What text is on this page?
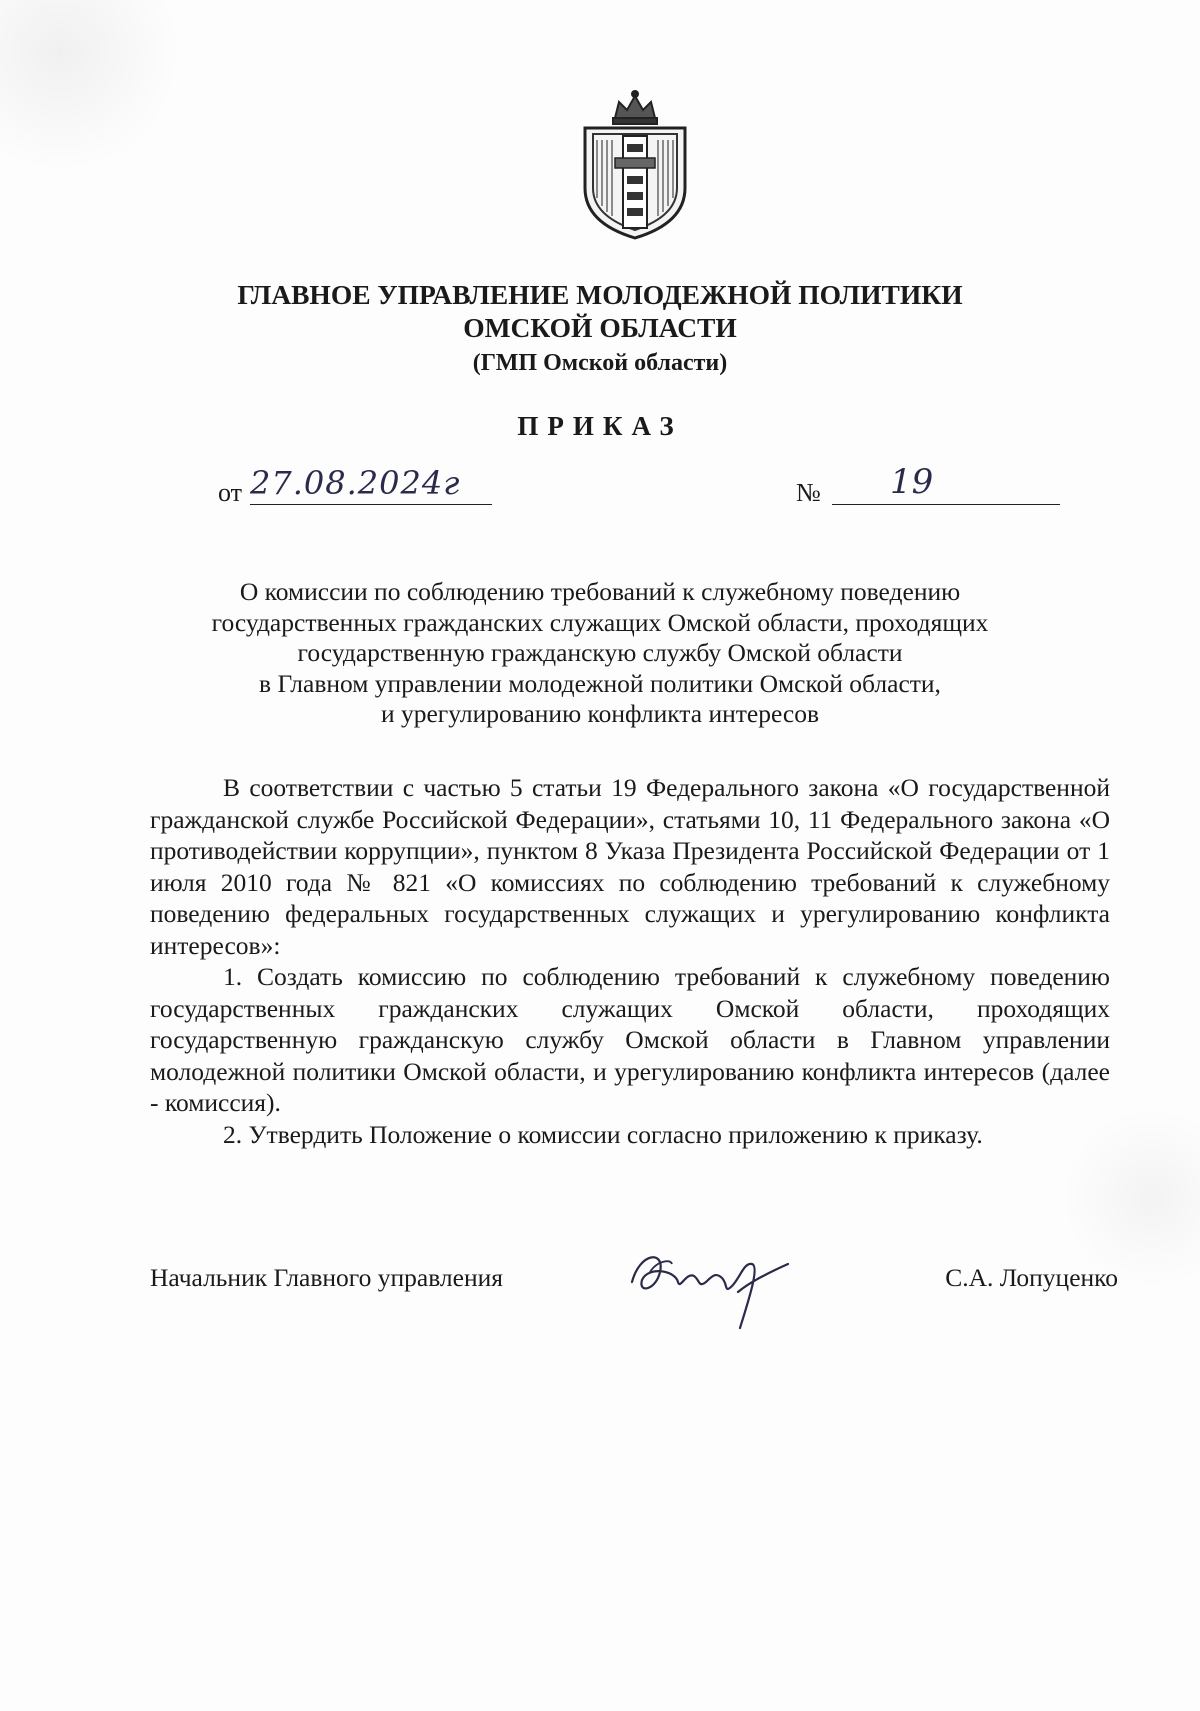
ГЛАВНОЕ УПРАВЛЕНИЕ МОЛОДЕЖНОЙ ПОЛИТИКИ
ОМСКОЙ ОБЛАСТИ
(ГМП Омской области)
ПРИКАЗ
от 27.08.2024г	№ 19
О комиссии по соблюдению требований к служебному поведению
государственных гражданских служащих Омской области, проходящих
государственную гражданскую службу Омской области
в Главном управлении молодежной политики Омской области,
и урегулированию конфликта интересов

В соответствии с частью 5 статьи 19 Федерального закона «О государственной гражданской службе Российской Федерации», статьями 10, 11 Федерального закона «О противодействии коррупции», пунктом 8 Указа Президента Российской Федерации от 1 июля 2010 года № 821 «О комиссиях по соблюдению требований к служебному поведению федеральных государственных служащих и урегулированию конфликта интересов»:

1. Создать комиссию по соблюдению требований к служебному поведению государственных гражданских служащих Омской области, проходящих государственную гражданскую службу Омской области в Главном управлении молодежной политики Омской области, и урегулированию конфликта интересов (далее - комиссия).

2. Утвердить Положение о комиссии согласно приложению к приказу.

Начальник Главного управления	С.А. Лопуценко
